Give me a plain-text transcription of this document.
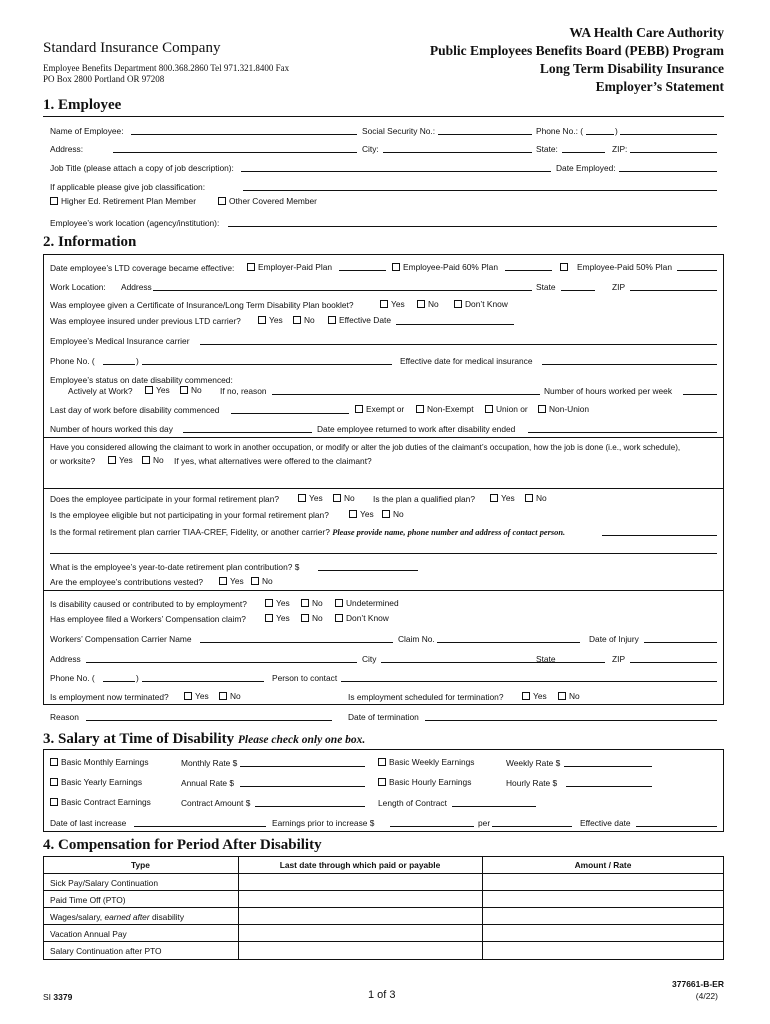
Standard Insurance Company
Employee Benefits Department 800.368.2860 Tel 971.321.8400 Fax
PO Box 2800 Portland OR 97208
WA Health Care Authority
Public Employees Benefits Board (PEBB) Program
Long Term Disability Insurance
Employer’s Statement
1. Employee
Name of Employee:	Social Security No.:	Phone No.: (	)
Address:	City:	State:	ZIP:
Job Title (please attach a copy of job description):	Date Employed:
If applicable please give job classification:
Higher Ed. Retirement Plan Member	Other Covered Member
Employee’s work location (agency/institution):
2. Information
Date employee’s LTD coverage became effective:	Employer-Paid Plan	Employee-Paid 60% Plan	Employee-Paid 50% Plan
Work Location: Address	State	ZIP
Was employee given a Certificate of Insurance/Long Term Disability Plan booklet?	Yes	No	Don’t Know
Was employee insured under previous LTD carrier?	Yes	No	Effective Date
Employee’s Medical Insurance carrier
Phone No. (	)	Effective date for medical insurance
Employee’s status on date disability commenced:
Actively at Work?	Yes	No If no, reason	Number of hours worked per week
Last day of work before disability commenced	Exempt or	Non-Exempt	Union or	Non-Union
Number of hours worked this day	Date employee returned to work after disability ended
Have you considered allowing the claimant to work in another occupation, or modify or alter the job duties of the claimant’s occupation, how the job is done (i.e., work schedule),
or worksite?	Yes	No If yes, what alternatives were offered to the claimant?
Does the employee participate in your formal retirement plan?	Yes	No Is the plan a qualified plan?	Yes	No
Is the employee eligible but not participating in your formal retirement plan?	Yes	No
Is the formal retirement plan carrier TIAA-CREF, Fidelity, or another carrier? Please provide name, phone number and address of contact person.
What is the employee’s year-to-date retirement plan contribution? $
Are the employee’s contributions vested?	Yes	No
Is disability caused or contributed to by employment?	Yes	No	Undetermined
Has employee filed a Workers’ Compensation claim?	Yes	No	Don’t Know
Workers’ Compensation Carrier Name	Claim No.	Date of Injury
Address	City	State	ZIP
Phone No. (	)	Person to contact
Is employment now terminated?	Yes	No	Is employment scheduled for termination?	Yes	No
Reason	Date of termination
3. Salary at Time of Disability Please check only one box.
Basic Monthly Earnings	Monthly Rate $	Basic Weekly Earnings	Weekly Rate $
Basic Yearly Earnings	Annual Rate $	Basic Hourly Earnings	Hourly Rate $
Basic Contract Earnings	Contract Amount $	Length of Contract
Date of last increase	Earnings prior to increase $	per	Effective date
4. Compensation for Period After Disability
Type	Last date through which paid or payable	Amount / Rate
Sick Pay/Salary Continuation
Paid Time Off (PTO)
Wages/salary, earned after disability
Vacation Annual Pay
Salary Continuation after PTO
SI 3379	1 of 3
377661-B-ER
(4/22)
